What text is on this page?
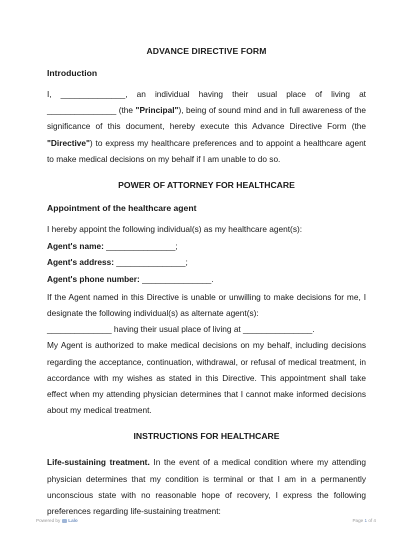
ADVANCE DIRECTIVE FORM
Introduction

I, ______________, an individual having their usual place of living at _______________ (the "Principal"), being of sound mind and in full awareness of the significance of this document, hereby execute this Advance Directive Form (the "Directive") to express my healthcare preferences and to appoint a healthcare agent to make medical decisions on my behalf if I am unable to do so.

POWER OF ATTORNEY FOR HEALTHCARE
Appointment of the healthcare agent

I hereby appoint the following individual(s) as my healthcare agent(s):

Agent's name: _______________;
Agent's address: _______________;
Agent's phone number: _______________.

If the Agent named in this Directive is unable or unwilling to make decisions for me, I designate the following individual(s) as alternate agent(s):

______________ having their usual place of living at _______________.

My Agent is authorized to make medical decisions on my behalf, including decisions regarding the acceptance, continuation, withdrawal, or refusal of medical treatment, in accordance with my wishes as stated in this Directive. This appointment shall take effect when my attending physician determines that I cannot make informed decisions about my medical treatment.

INSTRUCTIONS FOR HEALTHCARE

Life-sustaining treatment. In the event of a medical condition where my attending physician determines that my condition is terminal or that I am in a permanently unconscious state with no reasonable hope of recovery, I express the following preferences regarding life-sustaining treatment:

Powered by Lalo	Page 1 of 4
